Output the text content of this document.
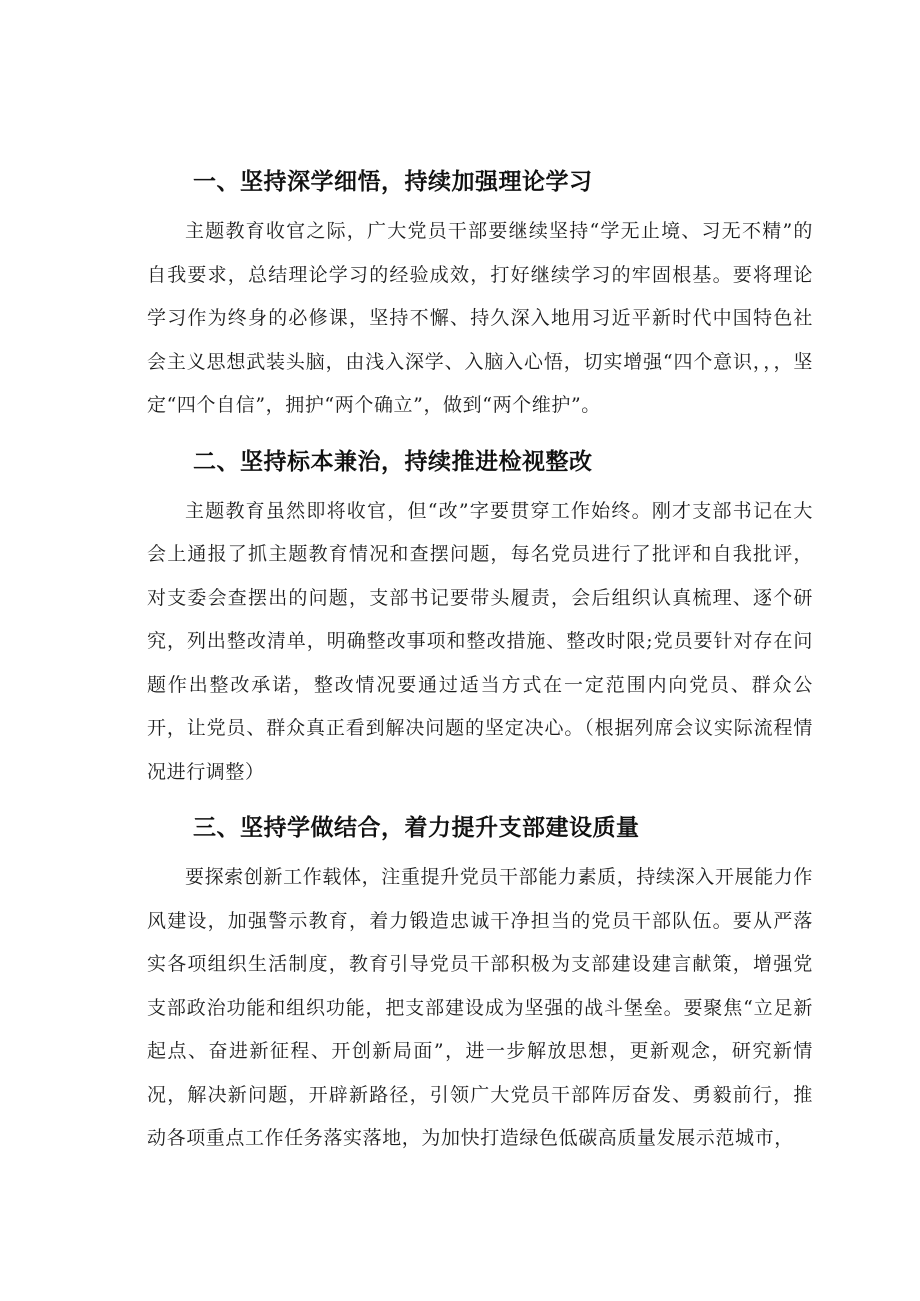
一、坚持深学细悟，持续加强理论学习

主题教育收官之际，广大党员干部要继续坚持“学无止境、习无不精”的自我要求，总结理论学习的经验成效，打好继续学习的牢固根基。要将理论学习作为终身的必修课，坚持不懈、持久深入地用习近平新时代中国特色社会主义思想武装头脑，由浅入深学、入脑入心悟，切实增强“四个意识，，，坚定“四个自信”，拥护“两个确立”，做到“两个维护”。

二、坚持标本兼治，持续推进检视整改

主题教育虽然即将收官，但“改”字要贯穿工作始终。刚才支部书记在大会上通报了抓主题教育情况和查摆问题，每名党员进行了批评和自我批评，对支委会查摆出的问题，支部书记要带头履责，会后组织认真梳理、逐个研究，列出整改清单，明确整改事项和整改措施、整改时限;党员要针对存在问题作出整改承诺，整改情况要通过适当方式在一定范围内向党员、群众公开，让党员、群众真正看到解决问题的坚定决心。（根据列席会议实际流程情况进行调整）

三、坚持学做结合，着力提升支部建设质量

要探索创新工作载体，注重提升党员干部能力素质，持续深入开展能力作风建设，加强警示教育，着力锻造忠诚干净担当的党员干部队伍。要从严落实各项组织生活制度，教育引导党员干部积极为支部建设建言献策，增强党支部政治功能和组织功能，把支部建设成为坚强的战斗堡垒。要聚焦“立足新起点、奋进新征程、开创新局面”，进一步解放思想，更新观念，研究新情况，解决新问题，开辟新路径，引领广大党员干部阵厉奋发、勇毅前行，推动各项重点工作任务落实落地，为加快打造绿色低碳高质量发展示范城市，
